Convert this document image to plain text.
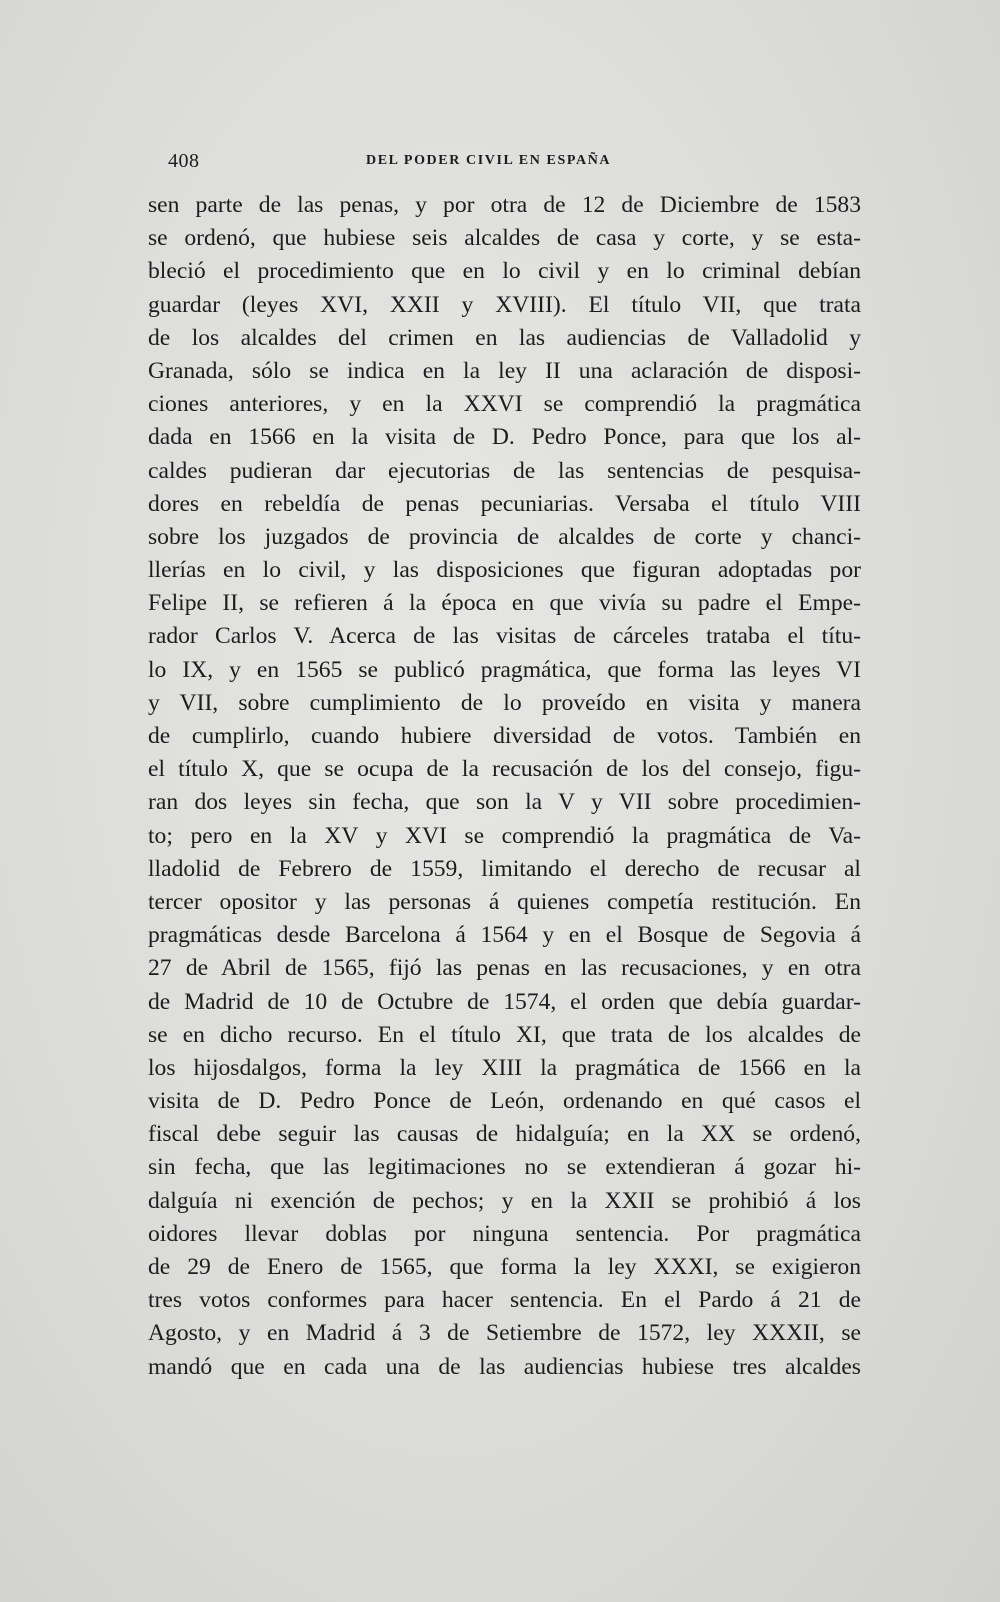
408	DEL PODER CIVIL EN ESPAÑA
sen parte de las penas, y por otra de 12 de Diciembre de 1583
se ordenó, que hubiese seis alcaldes de casa y corte, y se esta-
bleció el procedimiento que en lo civil y en lo criminal debían
guardar (leyes XVI, XXII y XVIII). El título VII, que trata
de los alcaldes del crimen en las audiencias de Valladolid y
Granada, sólo se indica en la ley II una aclaración de disposi-
ciones anteriores, y en la XXVI se comprendió la pragmática
dada en 1566 en la visita de D. Pedro Ponce, para que los al-
caldes pudieran dar ejecutorias de las sentencias de pesquisa-
dores en rebeldía de penas pecuniarias. Versaba el título VIII
sobre los juzgados de provincia de alcaldes de corte y chanci-
llerías en lo civil, y las disposiciones que figuran adoptadas por
Felipe II, se refieren á la época en que vivía su padre el Empe-
rador Carlos V. Acerca de las visitas de cárceles trataba el títu-
lo IX, y en 1565 se publicó pragmática, que forma las leyes VI
y VII, sobre cumplimiento de lo proveído en visita y manera
de cumplirlo, cuando hubiere diversidad de votos. También en
el título X, que se ocupa de la recusación de los del consejo, figu-
ran dos leyes sin fecha, que son la V y VII sobre procedimien-
to; pero en la XV y XVI se comprendió la pragmática de Va-
lladolid de Febrero de 1559, limitando el derecho de recusar al
tercer opositor y las personas á quienes competía restitución. En
pragmáticas desde Barcelona á 1564 y en el Bosque de Segovia á
27 de Abril de 1565, fijó las penas en las recusaciones, y en otra
de Madrid de 10 de Octubre de 1574, el orden que debía guardar-
se en dicho recurso. En el título XI, que trata de los alcaldes de
los hijosdalgos, forma la ley XIII la pragmática de 1566 en la
visita de D. Pedro Ponce de León, ordenando en qué casos el
fiscal debe seguir las causas de hidalguía; en la XX se ordenó,
sin fecha, que las legitimaciones no se extendieran á gozar hi-
dalguía ni exención de pechos; y en la XXII se prohibió á los
oidores llevar doblas por ninguna sentencia. Por pragmática
de 29 de Enero de 1565, que forma la ley XXXI, se exigieron
tres votos conformes para hacer sentencia. En el Pardo á 21 de
Agosto, y en Madrid á 3 de Setiembre de 1572, ley XXXII, se
mandó que en cada una de las audiencias hubiese tres alcaldes
